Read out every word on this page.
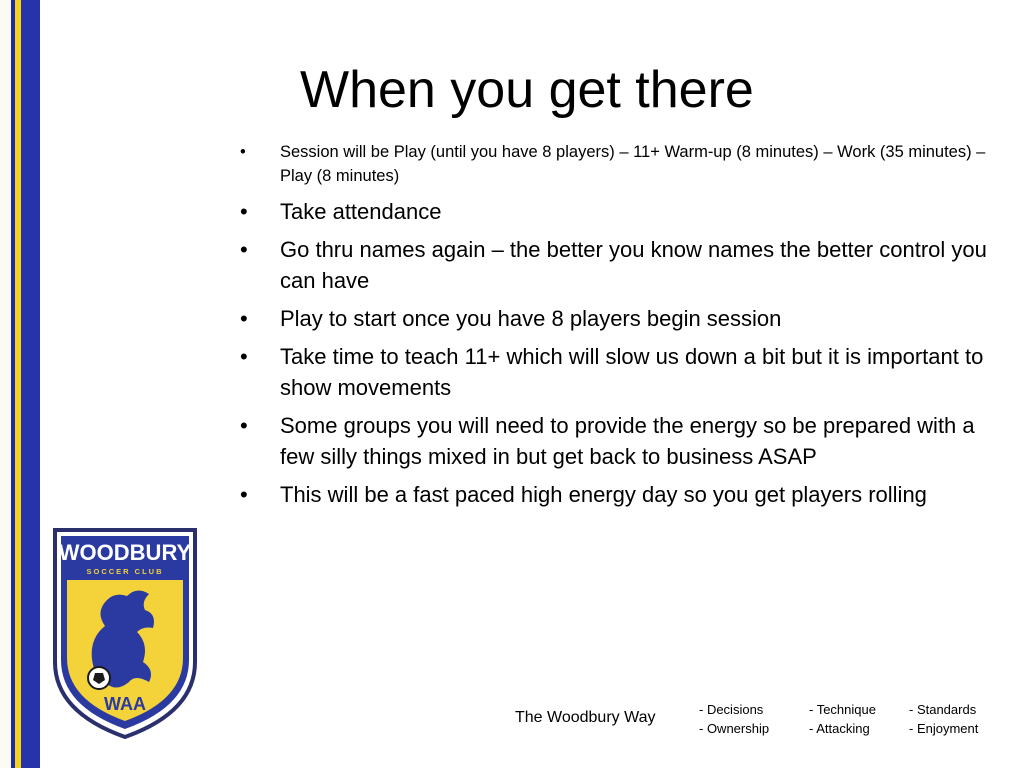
When you get there
•	Session will be Play (until you have 8 players) – 11+ Warm-up (8 minutes) – Work (35 minutes) – Play (8 minutes)
•	Take attendance
•	Go thru names again – the better you know names the better control you can have
•	Play to start once you have 8 players begin session
•	Take time to teach 11+ which will slow us down a bit but it is important to show movements
•	Some groups you will need to provide the energy so be prepared with a few silly things mixed in but get back to business ASAP
•	This will be a fast paced high energy day so you get players rolling
WOODBURY
SOCCER CLUB
WAA
The Woodbury Way	- Decisions
- Ownership
- Technique
- Attacking
- Standards
- Enjoyment
